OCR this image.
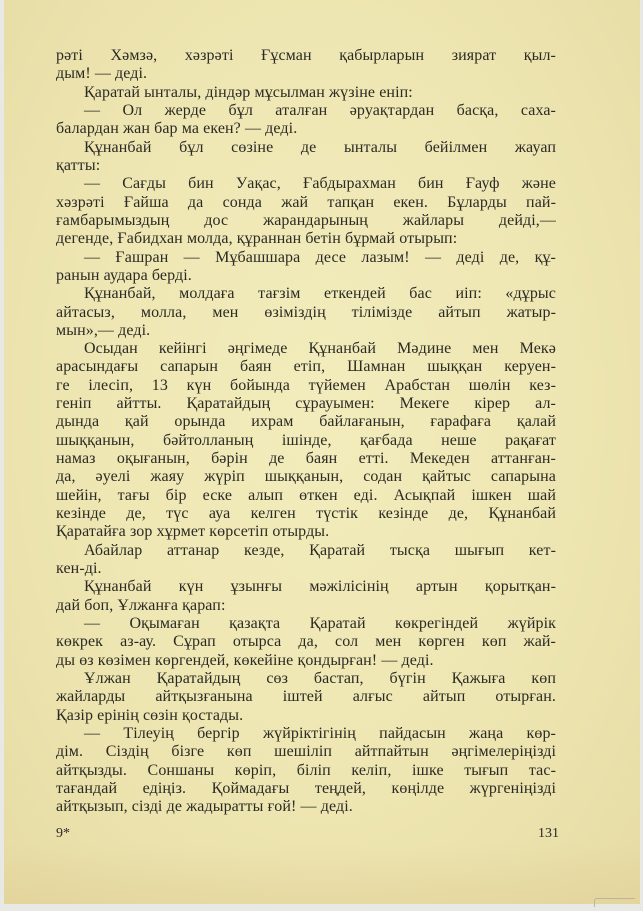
рәті Хәмзә, хәзрәті Ғұсман қабырларын зиярат қыл-
дым! — деді.
Қаратай ынталы, діндәр мұсылман жүзіне еніп:
— Ол жерде бұл аталған әруақтардан басқа, саха-
балардан жан бар ма екен? — деді.
Құнанбай бұл сөзіне де ынталы бейілмен жауап
қатты:
— Сағды бин Уақас, Ғабдырахман бин Ғауф және
хәзрәті Ғайша да сонда жай тапқан екен. Бұларды пай-
ғамбарымыздың дос жарандарының жайлары дейді,—
дегенде, Ғабидхан молда, құраннан бетін бұрмай отырып:
— Ғашран — Мұбашшара десе лазым! — деді де, құ-
ранын аудара берді.
Құнанбай, молдаға тағзім еткендей бас иіп: «дұрыс
айтасыз, молла, мен өзіміздің тілімізде айтып жатыр-
мын»,— деді.
Осыдан кейінгі әңгімеде Құнанбай Мәдине мен Мекә
арасындағы сапарын баян етіп, Шамнан шыққан керуен-
ге ілесіп, 13 күн бойында түйемен Арабстан шөлін кез-
геніп айтты. Қаратайдың сұрауымен: Мекеге кірер ал-
дында қай орында ихрам байлағанын, ғарафаға қалай
шыққанын, бәйтолланың ішінде, қағбада неше рақағат
намаз оқығанын, бәрін де баян етті. Мекеден аттанған-
да, әуелі жаяу жүріп шыққанын, содан қайтыс сапарына
шейін, тағы бір еске алып өткен еді. Асықпай ішкен шай
кезінде де, түс ауа келген түстік кезінде де, Құнанбай
Қаратайға зор хұрмет көрсетіп отырды.
Абайлар аттанар кезде, Қаратай тысқа шығып кет-
кен-ді.
Құнанбай күн ұзынғы мәжілісінің артын қорытқан-
дай боп, Ұлжанға қарап:
— Оқымаған қазақта Қаратай көкрегіндей жүйрік
көкрек аз-ау. Сұрап отырса да, сол мен көрген көп жай-
ды өз көзімен көргендей, көкейіне қондырған! — деді.
Ұлжан Қаратайдың сөз бастап, бүгін Қажыға көп
жайларды айтқызғанына іштей алғыс айтып отырған.
Қазір ерінің сөзін қостады.
— Тілеуің бергір жүйріктігінің пайдасын жаңа көр-
дім. Сіздің бізге көп шешіліп айтпайтын әңгімелеріңізді
айтқызды. Соншаны көріп, біліп келіп, ішке тығып тас-
тағандай едіңіз. Қоймадағы теңдей, көңілде жүргеніңізді
айтқызып, сізді де жадыратты ғой! — деді.
9*	131
